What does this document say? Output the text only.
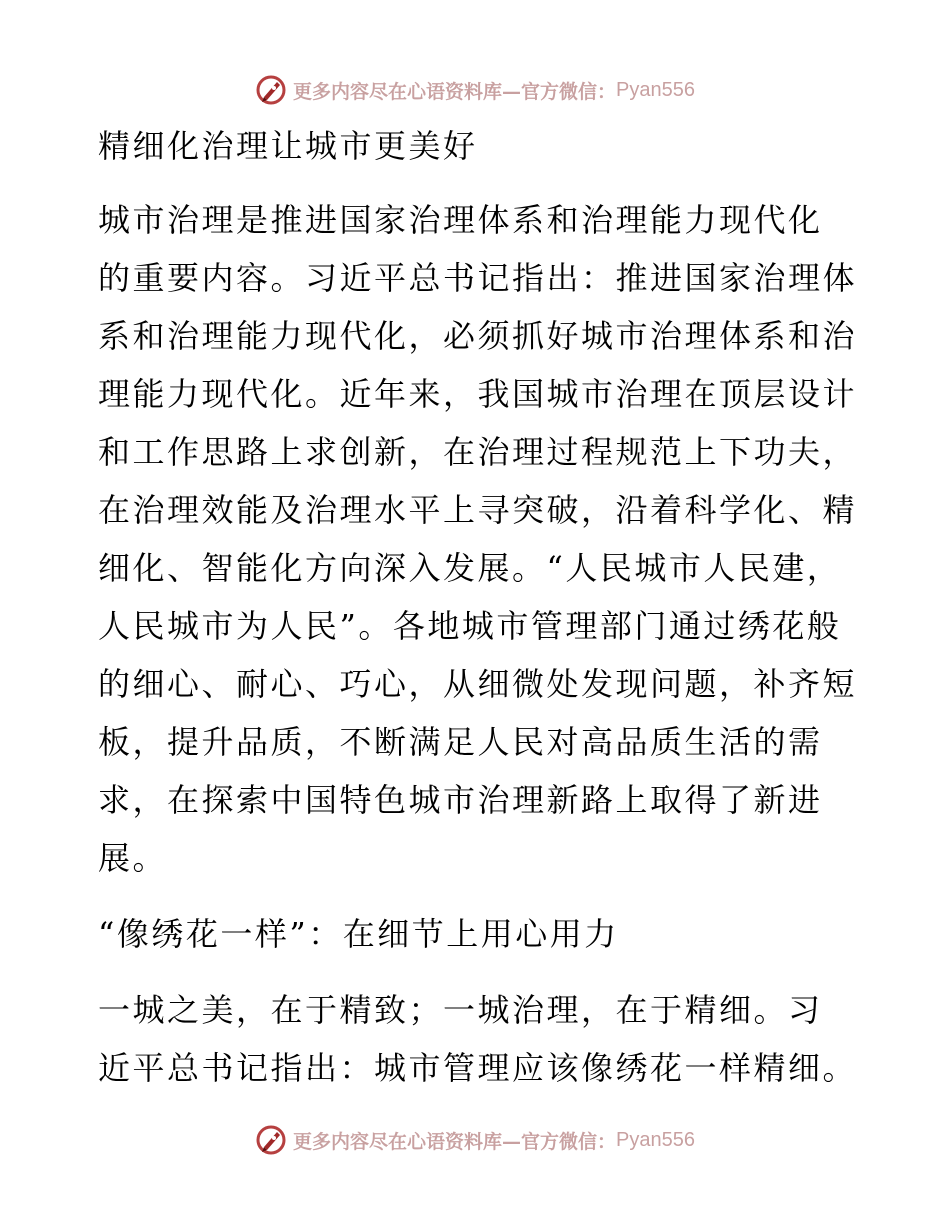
更多内容尽在心语资料库—官方微信： Pyan556
精细化治理让城市更美好
城市治理是推进国家治理体系和治理能力现代化
的重要内容。习近平总书记指出：推进国家治理体
系和治理能力现代化，必须抓好城市治理体系和治
理能力现代化。近年来，我国城市治理在顶层设计
和工作思路上求创新，在治理过程规范上下功夫，
在治理效能及治理水平上寻突破，沿着科学化、精
细化、智能化方向深入发展。“人民城市人民建，
人民城市为人民”。各地城市管理部门通过绣花般
的细心、耐心、巧心，从细微处发现问题，补齐短
板，提升品质，不断满足人民对高品质生活的需
求，在探索中国特色城市治理新路上取得了新进
展。
“像绣花一样”：在细节上用心用力
一城之美，在于精致；一城治理，在于精细。习
近平总书记指出：城市管理应该像绣花一样精细。
更多内容尽在心语资料库—官方微信： Pyan556
